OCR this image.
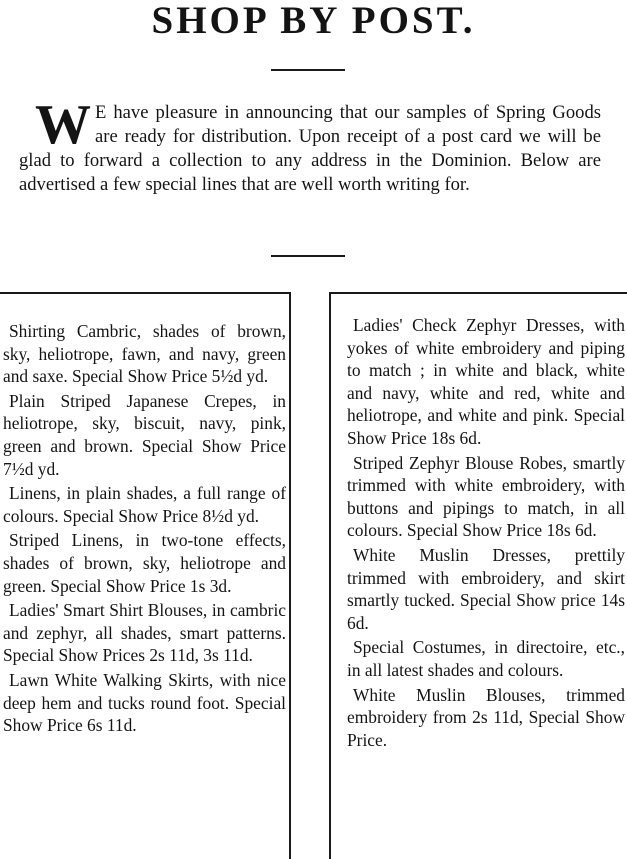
SHOP BY POST.

W E have pleasure in announcing that our samples of Spring Goods are ready for distribution. Upon receipt of a post card we will be glad to forward a collection to any address in the Dominion. Below are advertised a few special lines that are well worth writing for.

Shirting Cambric, shades of brown, sky, heliotrope, fawn, and navy, green and saxe. Special Show Price 5½d yd.

Plain Striped Japanese Crepes, in heliotrope, sky, biscuit, navy, pink, green and brown. Special Show Price 7½d yd.

Linens, in plain shades, a full range of colours. Special Show Price 8½d yd.

Striped Linens, in two-tone effects, shades of brown, sky, heliotrope and green. Special Show Price 1s 3d.

Ladies' Smart Shirt Blouses, in cambric and zephyr, all shades, smart patterns. Special Show Prices 2s 11d, 3s 11d.

Lawn White Walking Skirts, with nice deep hem and tucks round foot. Special Show Price 6s 11d.

Ladies' Check Zephyr Dresses, with yokes of white embroidery and piping to match ; in white and black, white and navy, white and red, white and heliotrope, and white and pink. Special Show Price 18s 6d.

Striped Zephyr Blouse Robes, smartly trimmed with white embroidery, with buttons and pipings to match, in all colours. Special Show Price 18s 6d.

White Muslin Dresses, prettily trimmed with embroidery, and skirt smartly tucked. Special Show price 14s 6d.

Special Costumes, in directoire, etc., in all latest shades and colours.

White Muslin Blouses, trimmed embroidery from 2s 11d, Special Show Price.
